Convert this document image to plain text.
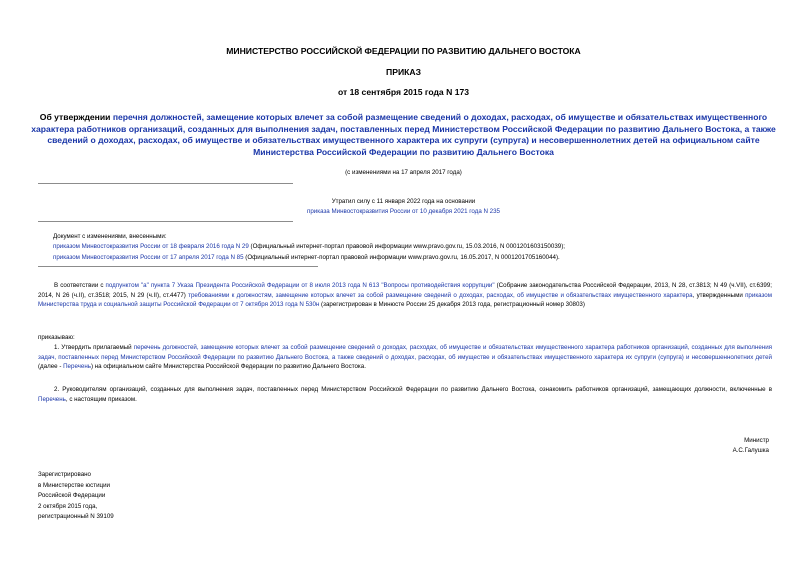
МИНИСТЕРСТВО РОССИЙСКОЙ ФЕДЕРАЦИИ ПО РАЗВИТИЮ ДАЛЬНЕГО ВОСТОКА
ПРИКАЗ
от 18 сентября 2015 года N 173
Об утверждении перечня должностей, замещение которых влечет за собой размещение сведений о доходах, расходах, об имуществе и обязательствах имущественного характера работников организаций, созданных для выполнения задач, поставленных перед Министерством Российской Федерации по развитию Дальнего Востока, а также сведений о доходах, расходах, об имуществе и обязательствах имущественного характера их супруги (супруга) и несовершеннолетних детей на официальном сайте Министерства Российской Федерации по развитию Дальнего Востока
(с изменениями на 17 апреля 2017 года)
Утратил силу с 11 января 2022 года на основании
приказа Минвостокразвития России от 10 декабря 2021 года N 235
Документ с изменениями, внесенными:
приказом Минвостокразвития России от 18 февраля 2016 года N 29 (Официальный интернет-портал правовой информации www.pravo.gov.ru, 15.03.2016, N 0001201603150039);
приказом Минвостокразвития России от 17 апреля 2017 года N 85 (Официальный интернет-портал правовой информации www.pravo.gov.ru, 16.05.2017, N 0001201705160044).
В соответствии с подпунктом "а" пункта 7 Указа Президента Российской Федерации от 8 июля 2013 года N 613 "Вопросы противодействия коррупции" (Собрание законодательства Российской Федерации, 2013, N 28, ст.3813; N 49 (ч.VII), ст.6399; 2014, N 26 (ч.II), ст.3518; 2015, N 29 (ч.II), ст.4477) требованиями к должностям, замещение которых влечет за собой размещение сведений о доходах, расходах, об имуществе и обязательствах имущественного характера, утвержденными приказом Министерства труда и социальной защиты Российской Федерации от 7 октября 2013 года N 530н (зарегистрирован в Минюсте России 25 декабря 2013 года, регистрационный номер 30803)
приказываю:
1. Утвердить прилагаемый перечень должностей, замещение которых влечет за собой размещение сведений о доходах, расходах, об имуществе и обязательствах имущественного характера работников организаций, созданных для выполнения задач, поставленных перед Министерством Российской Федерации по развитию Дальнего Востока, а также сведений о доходах, расходах, об имуществе и обязательствах имущественного характера их супруги (супруга) и несовершеннолетних детей (далее - Перечень) на официальном сайте Министерства Российской Федерации по развитию Дальнего Востока.
2. Руководителям организаций, созданных для выполнения задач, поставленных перед Министерством Российской Федерации по развитию Дальнего Востока, ознакомить работников организаций, замещающих должности, включенные в Перечень, с настоящим приказом.
Министр
А.С.Галушка
Зарегистрировано
в Министерстве юстиции
Российской Федерации
2 октября 2015 года,
регистрационный N 39109
